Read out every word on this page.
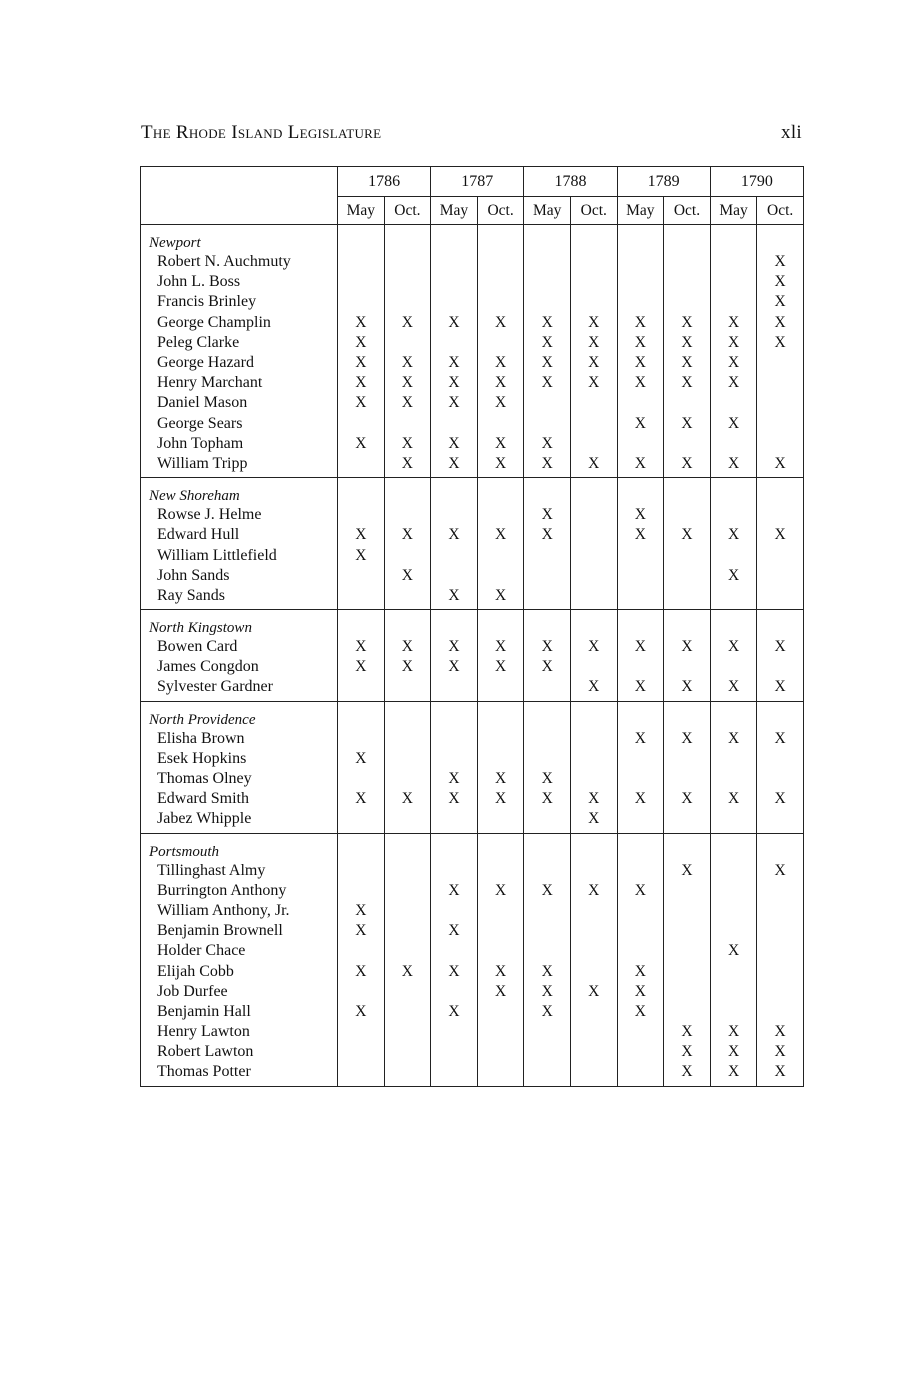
The Rhode Island Legislature	xli
	1786		1787		1788		1789		1790	
	May	Oct.	May	Oct.	May	Oct.	May	Oct.	May	Oct.
Newport										
Robert N. Auchmuty										X
John L. Boss										X
Francis Brinley										X
George Champlin	X	X	X	X	X	X	X	X	X	X
Peleg Clarke	X				X	X	X	X	X	X
George Hazard	X	X	X	X	X	X	X	X	X	
Henry Marchant	X	X	X	X	X	X	X	X	X	
Daniel Mason	X	X	X	X						
George Sears							X	X	X	
John Topham	X	X	X	X	X					
William Tripp		X	X	X	X	X	X	X	X	X
New Shoreham										
Rowse J. Helme					X		X			
Edward Hull	X	X	X	X	X		X	X	X	X
William Littlefield	X									
John Sands		X							X	
Ray Sands			X	X						
North Kingstown										
Bowen Card	X	X	X	X	X	X	X	X	X	X
James Congdon	X	X	X	X	X					
Sylvester Gardner						X	X	X	X	X
North Providence										
Elisha Brown							X	X	X	X
Esek Hopkins	X									
Thomas Olney			X	X	X					
Edward Smith	X	X	X	X	X	X	X	X	X	X
Jabez Whipple						X				
Portsmouth										
Tillinghast Almy								X		X
Burrington Anthony			X	X	X	X	X			
William Anthony, Jr.	X									
Benjamin Brownell	X		X							
Holder Chace									X	
Elijah Cobb	X	X	X	X	X		X			
Job Durfee				X	X	X	X			
Benjamin Hall	X		X		X		X			
Henry Lawton								X	X	X
Robert Lawton								X	X	X
Thomas Potter								X	X	X
